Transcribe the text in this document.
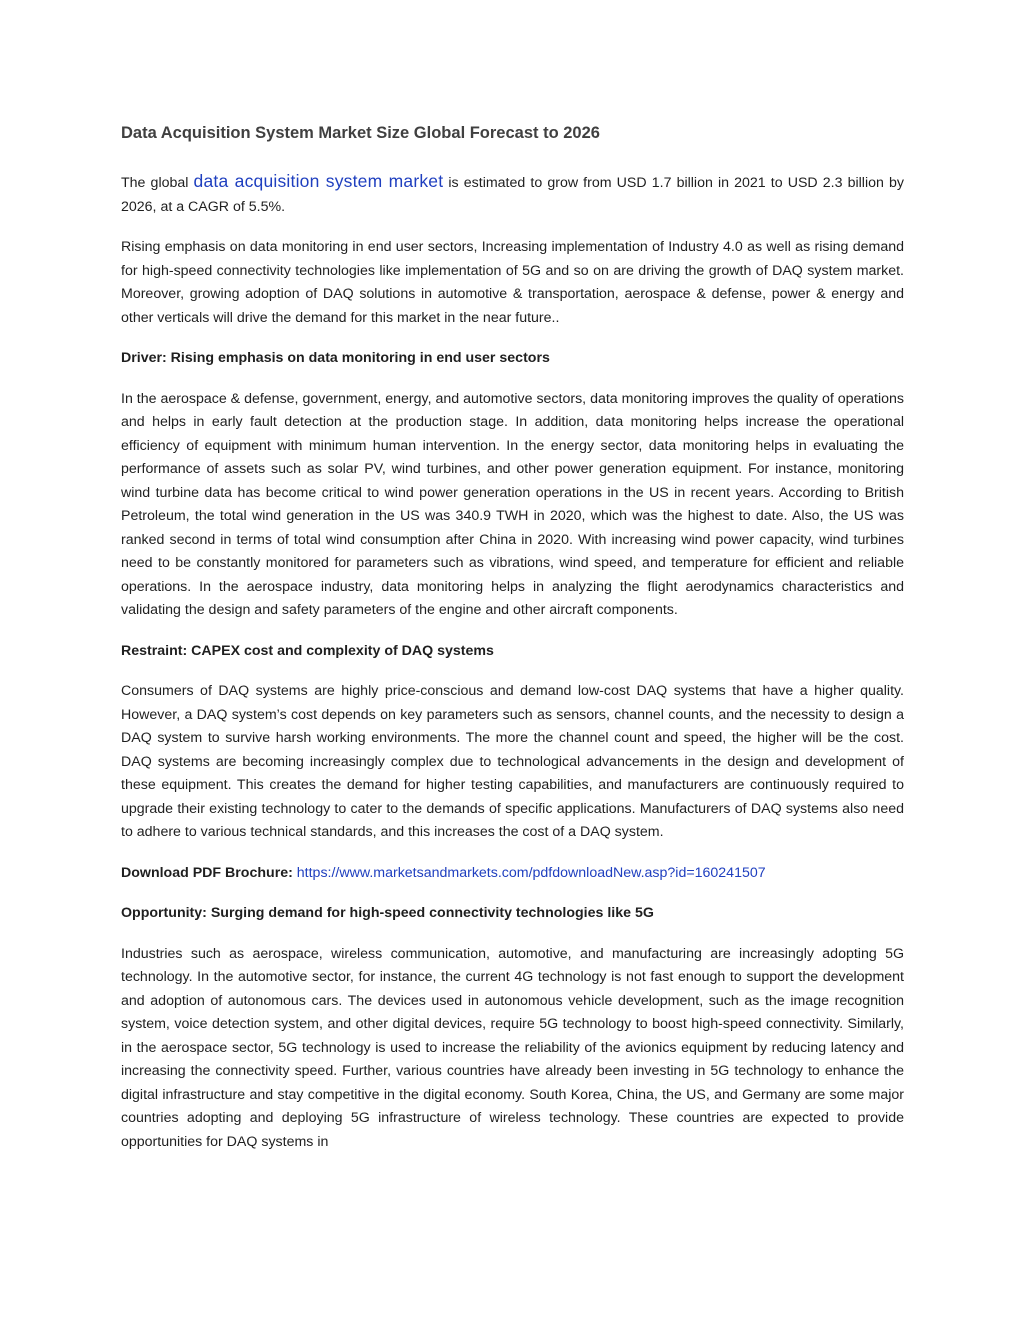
Data Acquisition System Market Size Global Forecast to 2026

The global data acquisition system market is estimated to grow from USD 1.7 billion in 2021 to USD 2.3 billion by 2026, at a CAGR of 5.5%.

Rising emphasis on data monitoring in end user sectors, Increasing implementation of Industry 4.0 as well as rising demand for high-speed connectivity technologies like implementation of 5G and so on are driving the growth of DAQ system market. Moreover, growing adoption of DAQ solutions in automotive & transportation, aerospace & defense, power & energy and other verticals will drive the demand for this market in the near future..

Driver: Rising emphasis on data monitoring in end user sectors

In the aerospace & defense, government, energy, and automotive sectors, data monitoring improves the quality of operations and helps in early fault detection at the production stage. In addition, data monitoring helps increase the operational efficiency of equipment with minimum human intervention. In the energy sector, data monitoring helps in evaluating the performance of assets such as solar PV, wind turbines, and other power generation equipment. For instance, monitoring wind turbine data has become critical to wind power generation operations in the US in recent years. According to British Petroleum, the total wind generation in the US was 340.9 TWH in 2020, which was the highest to date. Also, the US was ranked second in terms of total wind consumption after China in 2020. With increasing wind power capacity, wind turbines need to be constantly monitored for parameters such as vibrations, wind speed, and temperature for efficient and reliable operations. In the aerospace industry, data monitoring helps in analyzing the flight aerodynamics characteristics and validating the design and safety parameters of the engine and other aircraft components.

Restraint: CAPEX cost and complexity of DAQ systems

Consumers of DAQ systems are highly price-conscious and demand low-cost DAQ systems that have a higher quality. However, a DAQ system’s cost depends on key parameters such as sensors, channel counts, and the necessity to design a DAQ system to survive harsh working environments. The more the channel count and speed, the higher will be the cost. DAQ systems are becoming increasingly complex due to technological advancements in the design and development of these equipment. This creates the demand for higher testing capabilities, and manufacturers are continuously required to upgrade their existing technology to cater to the demands of specific applications. Manufacturers of DAQ systems also need to adhere to various technical standards, and this increases the cost of a DAQ system.

Download PDF Brochure: https://www.marketsandmarkets.com/pdfdownloadNew.asp?id=160241507

Opportunity: Surging demand for high-speed connectivity technologies like 5G

Industries such as aerospace, wireless communication, automotive, and manufacturing are increasingly adopting 5G technology. In the automotive sector, for instance, the current 4G technology is not fast enough to support the development and adoption of autonomous cars. The devices used in autonomous vehicle development, such as the image recognition system, voice detection system, and other digital devices, require 5G technology to boost high-speed connectivity. Similarly, in the aerospace sector, 5G technology is used to increase the reliability of the avionics equipment by reducing latency and increasing the connectivity speed. Further, various countries have already been investing in 5G technology to enhance the digital infrastructure and stay competitive in the digital economy. South Korea, China, the US, and Germany are some major countries adopting and deploying 5G infrastructure of wireless technology. These countries are expected to provide opportunities for DAQ systems in
